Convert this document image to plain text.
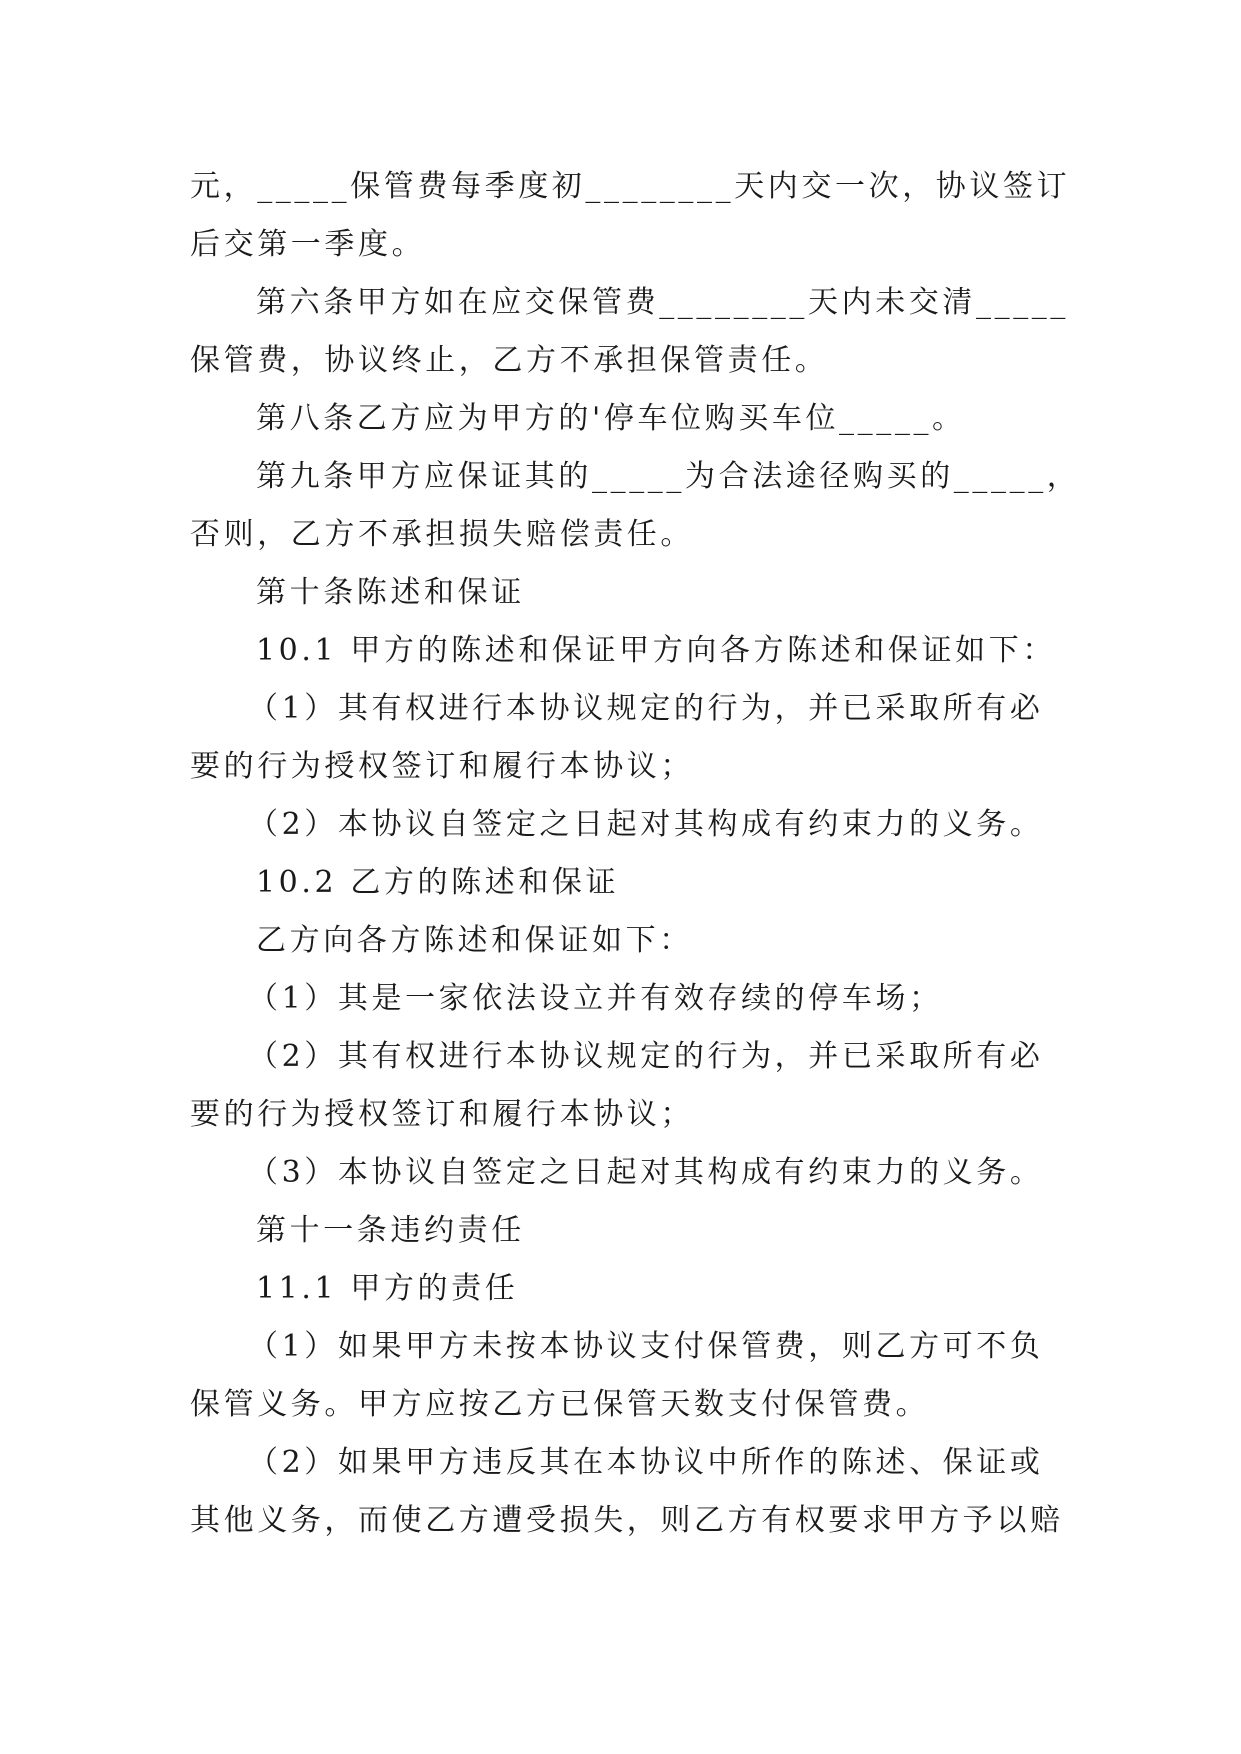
元，_____保管费每季度初________天内交一次，协议签订
后交第一季度。
第六条甲方如在应交保管费________天内未交清_____
保管费，协议终止，乙方不承担保管责任。
第八条乙方应为甲方的'停车位购买车位_____。
第九条甲方应保证其的_____为合法途径购买的_____，
否则，乙方不承担损失赔偿责任。
第十条陈述和保证
10.1 甲方的陈述和保证甲方向各方陈述和保证如下：
（1）其有权进行本协议规定的行为，并已采取所有必
要的行为授权签订和履行本协议；
（2）本协议自签定之日起对其构成有约束力的义务。
10.2 乙方的陈述和保证
乙方向各方陈述和保证如下：
（1）其是一家依法设立并有效存续的停车场；
（2）其有权进行本协议规定的行为，并已采取所有必
要的行为授权签订和履行本协议；
（3）本协议自签定之日起对其构成有约束力的义务。
第十一条违约责任
11.1 甲方的责任
（1）如果甲方未按本协议支付保管费，则乙方可不负
保管义务。甲方应按乙方已保管天数支付保管费。
（2）如果甲方违反其在本协议中所作的陈述、保证或
其他义务，而使乙方遭受损失，则乙方有权要求甲方予以赔
